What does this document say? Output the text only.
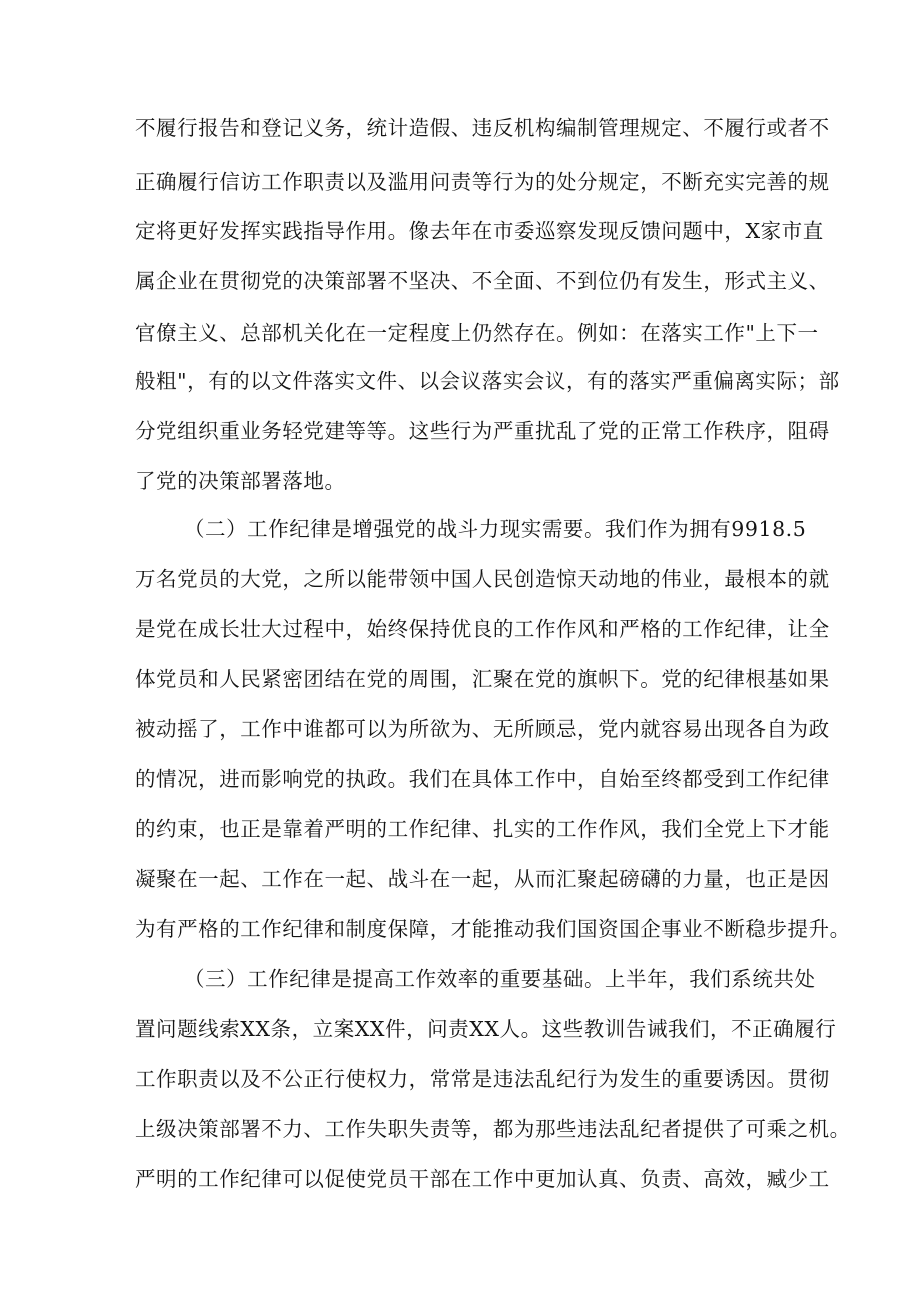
不履行报告和登记义务，统计造假、违反机构编制管理规定、不履行或者不
正确履行信访工作职责以及滥用问责等行为的处分规定，不断充实完善的规
定将更好发挥实践指导作用。像去年在市委巡察发现反馈问题中，X家市直
属企业在贯彻党的决策部署不坚决、不全面、不到位仍有发生，形式主义、
官僚主义、总部机关化在一定程度上仍然存在。例如：在落实工作"上下一
般粗"，有的以文件落实文件、以会议落实会议，有的落实严重偏离实际；部
分党组织重业务轻党建等等。这些行为严重扰乱了党的正常工作秩序，阻碍
了党的决策部署落地。
（二）工作纪律是增强党的战斗力现实需要。我们作为拥有9918.5
万名党员的大党，之所以能带领中国人民创造惊天动地的伟业，最根本的就
是党在成长壮大过程中，始终保持优良的工作作风和严格的工作纪律，让全
体党员和人民紧密团结在党的周围，汇聚在党的旗帜下。党的纪律根基如果
被动摇了，工作中谁都可以为所欲为、无所顾忌，党内就容易出现各自为政
的情况，进而影响党的执政。我们在具体工作中，自始至终都受到工作纪律
的约束，也正是靠着严明的工作纪律、扎实的工作作风，我们全党上下才能
凝聚在一起、工作在一起、战斗在一起，从而汇聚起磅礴的力量，也正是因
为有严格的工作纪律和制度保障，才能推动我们国资国企事业不断稳步提升。
（三）工作纪律是提高工作效率的重要基础。上半年，我们系统共处
置问题线索XX条，立案XX件，问责XX人。这些教训告诫我们，不正确履行
工作职责以及不公正行使权力，常常是违法乱纪行为发生的重要诱因。贯彻
上级决策部署不力、工作失职失责等，都为那些违法乱纪者提供了可乘之机。
严明的工作纪律可以促使党员干部在工作中更加认真、负责、高效，臧少工
